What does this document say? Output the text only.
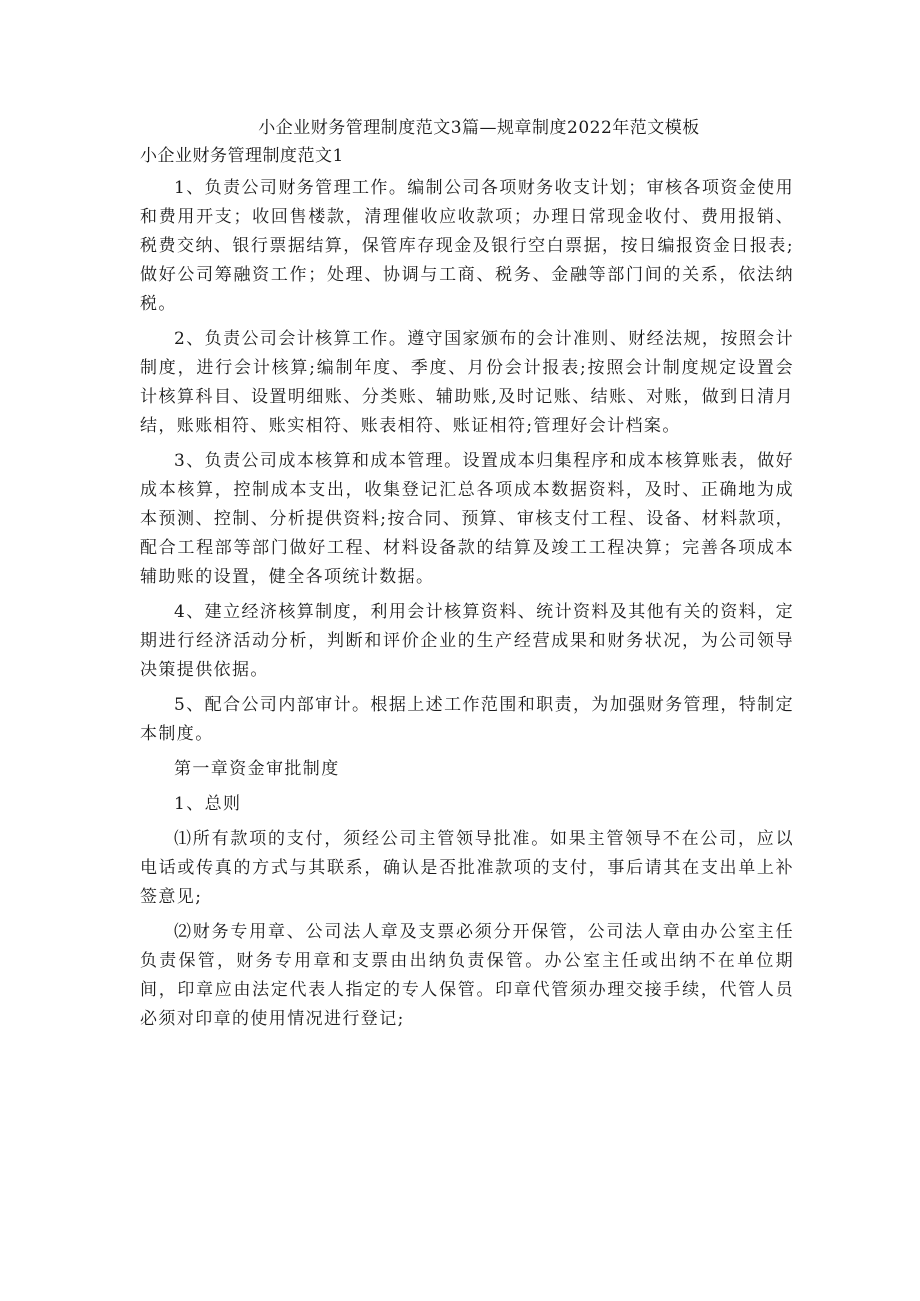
小企业财务管理制度范文3篇—规章制度2022年范文模板
小企业财务管理制度范文1

1、负责公司财务管理工作。编制公司各项财务收支计划；审核各项资金使用和费用开支；收回售楼款，清理催收应收款项；办理日常现金收付、费用报销、税费交纳、银行票据结算，保管库存现金及银行空白票据，按日编报资金日报表;做好公司筹融资工作；处理、协调与工商、税务、金融等部门间的关系，依法纳税。

2、负责公司会计核算工作。遵守国家颁布的会计准则、财经法规，按照会计制度，进行会计核算;编制年度、季度、月份会计报表;按照会计制度规定设置会计核算科目、设置明细账、分类账、辅助账,及时记账、结账、对账，做到日清月结，账账相符、账实相符、账表相符、账证相符;管理好会计档案。

3、负责公司成本核算和成本管理。设置成本归集程序和成本核算账表，做好成本核算，控制成本支出，收集登记汇总各项成本数据资料，及时、正确地为成本预测、控制、分析提供资料;按合同、预算、审核支付工程、设备、材料款项，配合工程部等部门做好工程、材料设备款的结算及竣工工程决算；完善各项成本辅助账的设置，健全各项统计数据。

4、建立经济核算制度，利用会计核算资料、统计资料及其他有关的资料，定期进行经济活动分析，判断和评价企业的生产经营成果和财务状况，为公司领导决策提供依据。

5、配合公司内部审计。根据上述工作范围和职责，为加强财务管理，特制定本制度。

第一章资金审批制度

1、总则

⑴所有款项的支付，须经公司主管领导批准。如果主管领导不在公司，应以电话或传真的方式与其联系，确认是否批准款项的支付，事后请其在支出单上补签意见;

⑵财务专用章、公司法人章及支票必须分开保管，公司法人章由办公室主任负责保管，财务专用章和支票由出纳负责保管。办公室主任或出纳不在单位期间，印章应由法定代表人指定的专人保管。印章代管须办理交接手续，代管人员必须对印章的使用情况进行登记;
